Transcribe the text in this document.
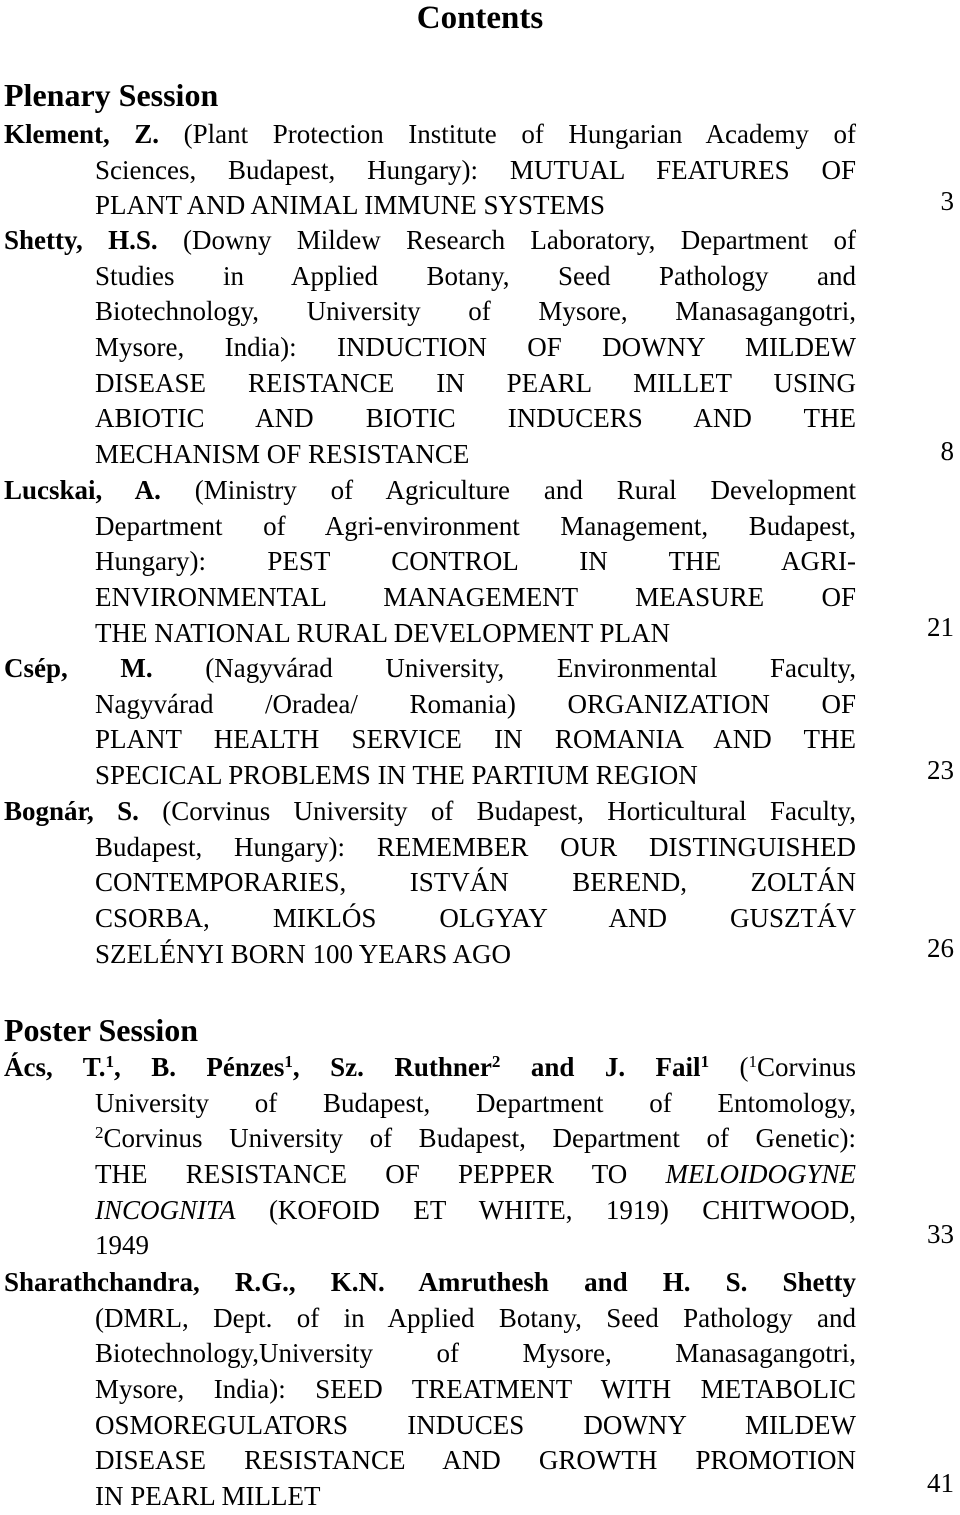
Contents
Plenary Session
Klement, Z. (Plant Protection Institute of Hungarian Academy of
Sciences, Budapest, Hungary): MUTUAL FEATURES OF
PLANT AND ANIMAL IMMUNE SYSTEMS	3
Shetty, H.S. (Downy Mildew Research Laboratory, Department of
Studies in Applied Botany, Seed Pathology and
Biotechnology, University of Mysore, Manasagangotri,
Mysore, India): INDUCTION OF DOWNY MILDEW
DISEASE REISTANCE IN PEARL MILLET USING
ABIOTIC AND BIOTIC INDUCERS AND THE
MECHANISM OF RESISTANCE	8
Lucskai, A. (Ministry of Agriculture and Rural Development
Department of Agri-environment Management, Budapest,
Hungary): PEST CONTROL IN THE AGRI-
ENVIRONMENTAL MANAGEMENT MEASURE OF
THE NATIONAL RURAL DEVELOPMENT PLAN	21
Csép, M. (Nagyvárad University, Environmental Faculty,
Nagyvárad /Oradea/ Romania) ORGANIZATION OF
PLANT HEALTH SERVICE IN ROMANIA AND THE
SPECICAL PROBLEMS IN THE PARTIUM REGION	23
Bognár, S. (Corvinus University of Budapest, Horticultural Faculty,
Budapest, Hungary): REMEMBER OUR DISTINGUISHED
CONTEMPORARIES, ISTVÁN BEREND, ZOLTÁN
CSORBA, MIKLÓS OLGYAY AND GUSZTÁV
SZELÉNYI BORN 100 YEARS AGO	26
Poster Session
Ács, T.$^1$, B. Pénzes$^1$, Sz. Ruthner$^2$ and J. Fail$^1$ ($^1$Corvinus
University of Budapest, Department of Entomology,
$^2$Corvinus University of Budapest, Department of Genetic):
THE RESISTANCE OF PEPPER TO MELOIDOGYNE
INCOGNITA (KOFOID ET WHITE, 1919) CHITWOOD,
1949	33
Sharathchandra, R.G., K.N. Amruthesh and H. S. Shetty
(DMRL, Dept. of in Applied Botany, Seed Pathology and
Biotechnology,University of Mysore, Manasagangotri,
Mysore, India): SEED TREATMENT WITH METABOLIC
OSMOREGULATORS INDUCES DOWNY MILDEW
DISEASE RESISTANCE AND GROWTH PROMOTION
IN PEARL MILLET	41
